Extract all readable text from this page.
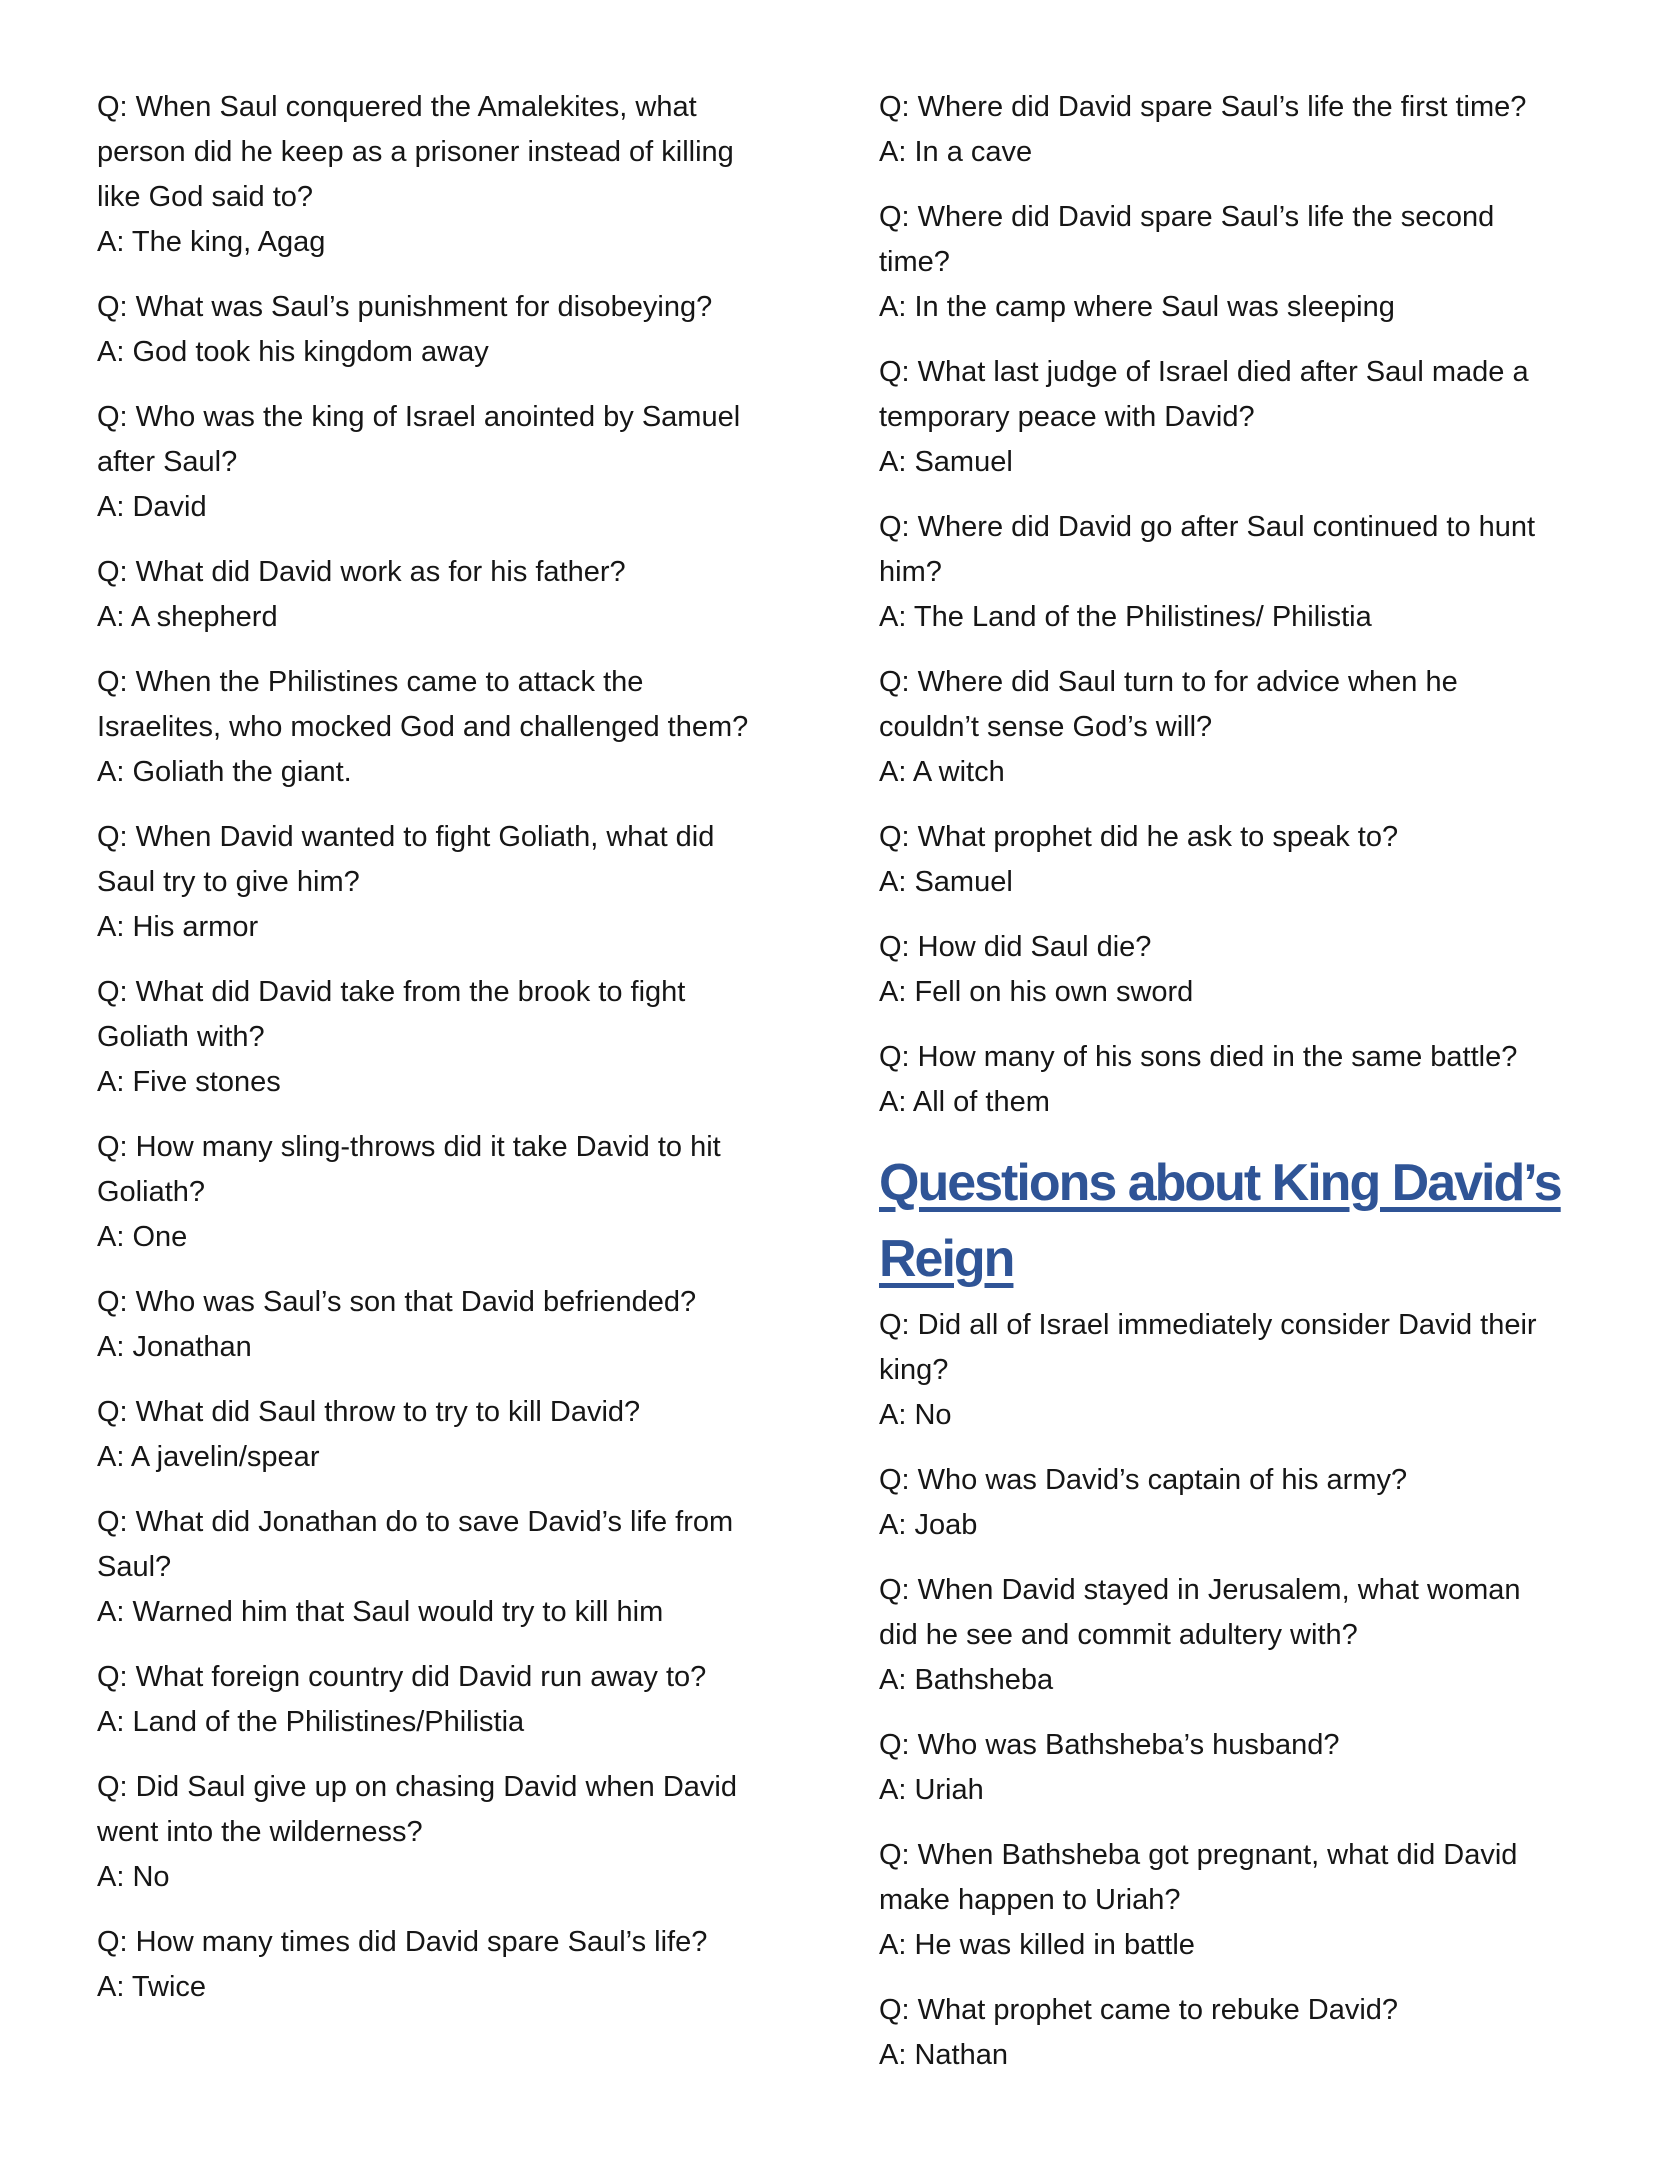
Q: When Saul conquered the Amalekites, what
person did he keep as a prisoner instead of killing
like God said to?
A: The king, Agag

Q: What was Saul’s punishment for disobeying?
A: God took his kingdom away

Q: Who was the king of Israel anointed by Samuel
after Saul?
A: David

Q: What did David work as for his father?
A: A shepherd

Q: When the Philistines came to attack the
Israelites, who mocked God and challenged them?
A: Goliath the giant.

Q: When David wanted to fight Goliath, what did
Saul try to give him?
A: His armor

Q: What did David take from the brook to fight
Goliath with?
A: Five stones

Q: How many sling-throws did it take David to hit
Goliath?
A: One

Q: Who was Saul’s son that David befriended?
A: Jonathan

Q: What did Saul throw to try to kill David?
A: A javelin/spear

Q: What did Jonathan do to save David’s life from
Saul?
A: Warned him that Saul would try to kill him

Q: What foreign country did David run away to?
A: Land of the Philistines/Philistia

Q: Did Saul give up on chasing David when David
went into the wilderness?
A: No

Q: How many times did David spare Saul’s life?
A: Twice

Q: Where did David spare Saul’s life the first time?
A: In a cave

Q: Where did David spare Saul’s life the second
time?
A: In the camp where Saul was sleeping

Q: What last judge of Israel died after Saul made a
temporary peace with David?
A: Samuel

Q: Where did David go after Saul continued to hunt
him?
A: The Land of the Philistines/ Philistia

Q: Where did Saul turn to for advice when he
couldn’t sense God’s will?
A: A witch

Q: What prophet did he ask to speak to?
A: Samuel

Q: How did Saul die?
A: Fell on his own sword

Q: How many of his sons died in the same battle?
A: All of them

Questions about King David’s
Reign

Q: Did all of Israel immediately consider David their
king?
A: No

Q: Who was David’s captain of his army?
A: Joab

Q: When David stayed in Jerusalem, what woman
did he see and commit adultery with?
A: Bathsheba

Q: Who was Bathsheba’s husband?
A: Uriah

Q: When Bathsheba got pregnant, what did David
make happen to Uriah?
A: He was killed in battle

Q: What prophet came to rebuke David?
A: Nathan
